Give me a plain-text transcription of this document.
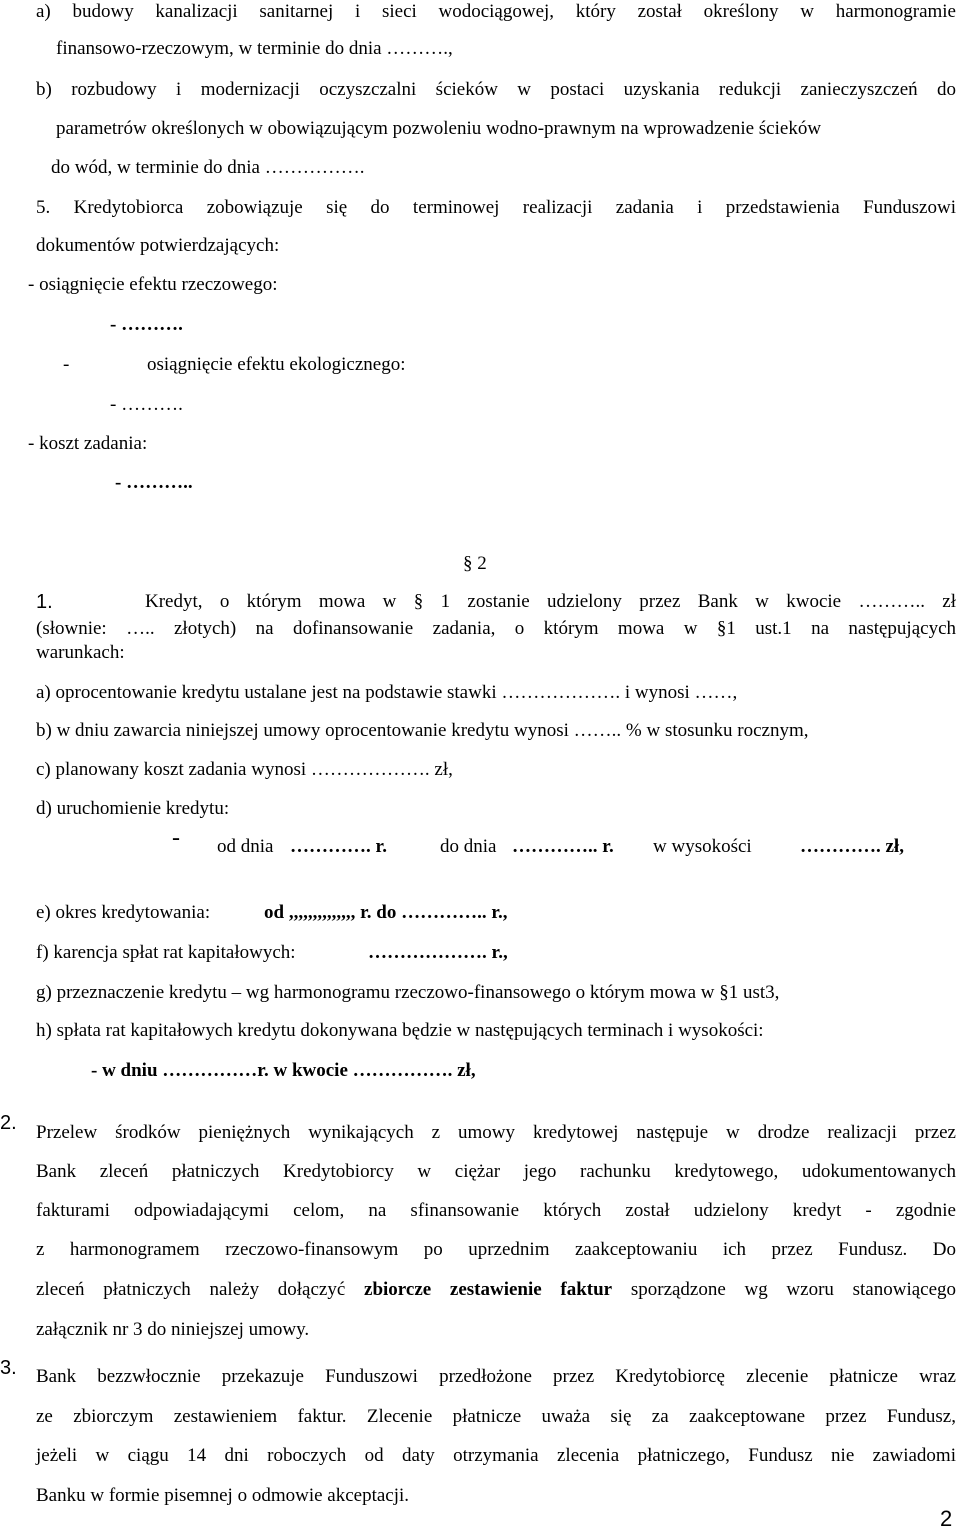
a) budowy kanalizacji sanitarnej i sieci wodociągowej, który został określony w harmonogramie
finansowo-rzeczowym, w terminie do dnia ……….,
b) rozbudowy i modernizacji oczyszczalni ścieków w postaci uzyskania redukcji zanieczyszczeń do
parametrów określonych w obowiązującym pozwoleniu wodno-prawnym na wprowadzenie ścieków
do wód, w terminie do dnia …………….
5. Kredytobiorca zobowiązuje się do terminowej realizacji zadania i przedstawienia Funduszowi
dokumentów potwierdzających:
- osiągnięcie efektu rzeczowego:
- ……….
-	osiągnięcie efektu ekologicznego:
- ……….
- koszt zadania:
- ………..
§ 2
1.	Kredyt, o którym mowa w § 1 zostanie udzielony przez Bank w kwocie ……….. zł
(słownie: ….. złotych) na dofinansowanie zadania, o którym mowa w §1 ust.1 na następujących
warunkach:
a) oprocentowanie kredytu ustalane jest na podstawie stawki ………………. i wynosi ……,
b) w dniu zawarcia niniejszej umowy oprocentowanie kredytu wynosi …….. % w stosunku rocznym,
c) planowany koszt zadania wynosi ………………. zł,
d) uruchomienie kredytu:
- od dnia …………. r.	do dnia ………….. r. w wysokości	…………. zł,
e) okres kredytowania:	od ,,,,,,,,,,,,,, r. do ………….. r.,
f) karencja spłat rat kapitałowych:	………………. r.,
g) przeznaczenie kredytu – wg harmonogramu rzeczowo-finansowego o którym mowa w §1 ust3,
h) spłata rat kapitałowych kredytu dokonywana będzie w następujących terminach i wysokości:
- w dniu ……………r. w kwocie ……………. zł,
2. Przelew środków pieniężnych wynikających z umowy kredytowej następuje w drodze realizacji przez
Bank zleceń płatniczych Kredytobiorcy w ciężar jego rachunku kredytowego, udokumentowanych
fakturami odpowiadającymi celom, na sfinansowanie których został udzielony kredyt - zgodnie
z harmonogramem rzeczowo-finansowym po uprzednim zaakceptowaniu ich przez Fundusz. Do
zleceń płatniczych należy dołączyć zbiorcze zestawienie faktur sporządzone wg wzoru stanowiącego
załącznik nr 3 do niniejszej umowy.
3. Bank bezzwłocznie przekazuje Funduszowi przedłożone przez Kredytobiorcę zlecenie płatnicze wraz
ze zbiorczym zestawieniem faktur. Zlecenie płatnicze uważa się za zaakceptowane przez Fundusz,
jeżeli w ciągu 14 dni roboczych od daty otrzymania zlecenia płatniczego, Fundusz nie zawiadomi
Banku w formie pisemnej o odmowie akceptacji.
2
